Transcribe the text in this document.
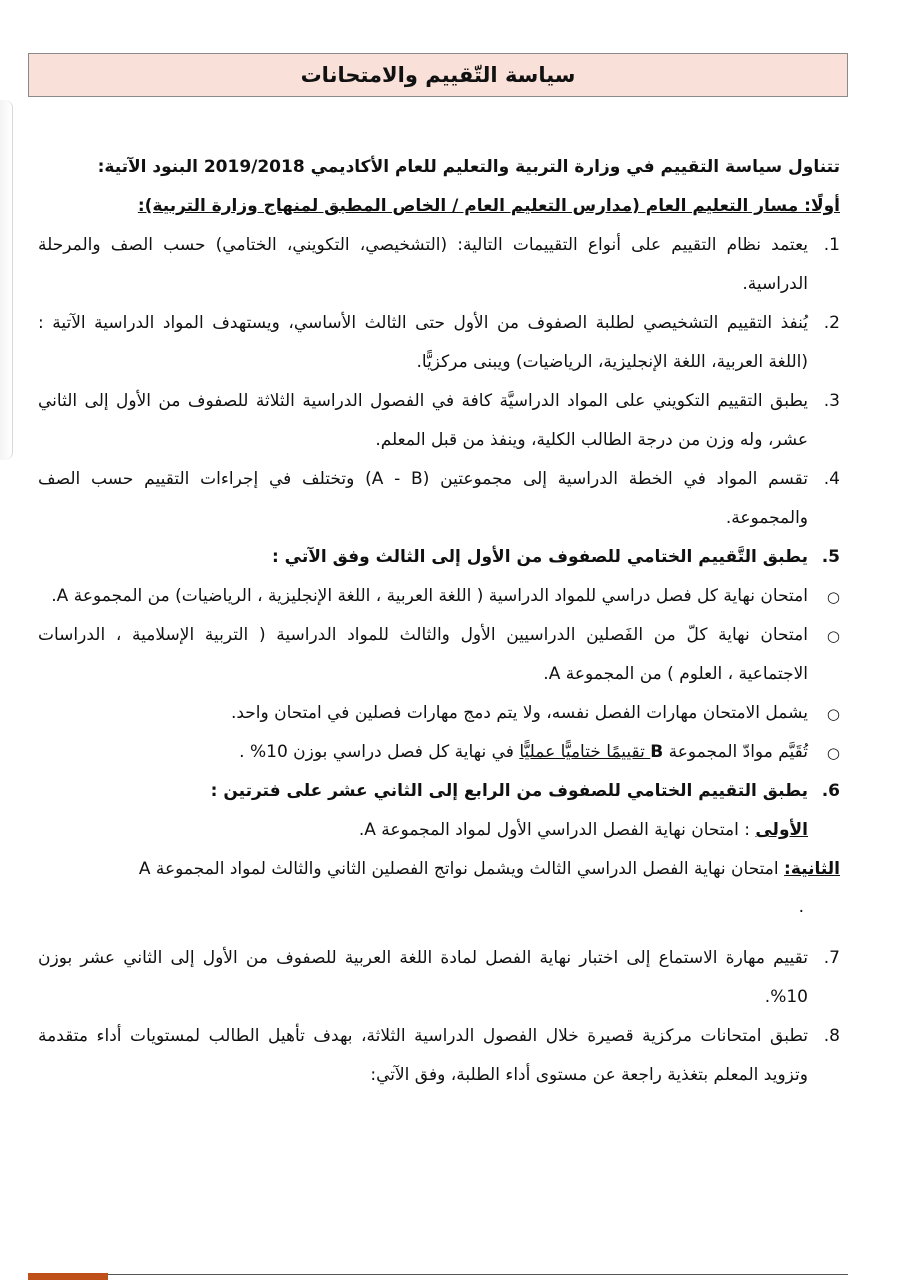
سياسة التّقييم والامتحانات

تتناول سياسة التقييم في وزارة التربية والتعليم للعام الأكاديمي 2019/2018 البنود الآتية:

أولًا: مسار التعليم العام (مدارس التعليم العام / الخاص المطبق لمنهاج وزارة التربية):

1.
يعتمد نظام التقييم على أنواع التقييمات التالية: (التشخيصي، التكويني، الختامي) حسب الصف والمرحلة الدراسية.

2.
يُنفذ التقييم التشخيصي لطلبة الصفوف من الأول حتى الثالث الأساسي، ويستهدف المواد الدراسية الآتية : (اللغة العربية، اللغة الإنجليزية، الرياضيات) ويبنى مركزيًّا.

3.
يطبق التقييم التكويني على المواد الدراسيَّة كافة في الفصول الدراسية الثلاثة للصفوف من الأول إلى الثاني عشر، وله وزن من درجة الطالب الكلية، وينفذ من قبل المعلم.

4.
تقسم المواد في الخطة الدراسية إلى مجموعتين (A - B) وتختلف في إجراءات التقييم حسب الصف والمجموعة.

5.
يطبق التَّقييم الختامي للصفوف من الأول إلى الثالث وفق الآتي :

○
امتحان نهاية كل فصل دراسي للمواد الدراسية ( اللغة العربية ، اللغة الإنجليزية ، الرياضيات) من المجموعة A.

○
امتحان نهاية كلّ من الفَصلين الدراسيين الأول والثالث للمواد الدراسية ( التربية الإسلامية ، الدراسات الاجتماعية ، العلوم ) من المجموعة A.

○
يشمل الامتحان مهارات الفصل نفسه، ولا يتم دمج مهارات فصلين في امتحان واحد.

○
تُقَيَّم موادّ المجموعة B تقييمًا ختاميًّا عمليًّا في نهاية كل فصل دراسي بوزن 10% .

6.
يطبق التقييم الختامي للصفوف من الرابع إلى الثاني عشر على فترتين :

الأولى : امتحان نهاية الفصل الدراسي الأول لمواد المجموعة A.

الثانية: امتحان نهاية الفصل الدراسي الثالث ويشمل نواتج الفصلين الثاني والثالث لمواد المجموعة A

.

7.
تقييم مهارة الاستماع إلى اختبار نهاية الفصل لمادة اللغة العربية للصفوف من الأول إلى الثاني عشر بوزن 10%.

8.
تطبق امتحانات مركزية قصيرة خلال الفصول الدراسية الثلاثة، بهدف تأهيل الطالب لمستويات أداء متقدمة وتزويد المعلم بتغذية راجعة عن مستوى أداء الطلبة، وفق الآتي:
